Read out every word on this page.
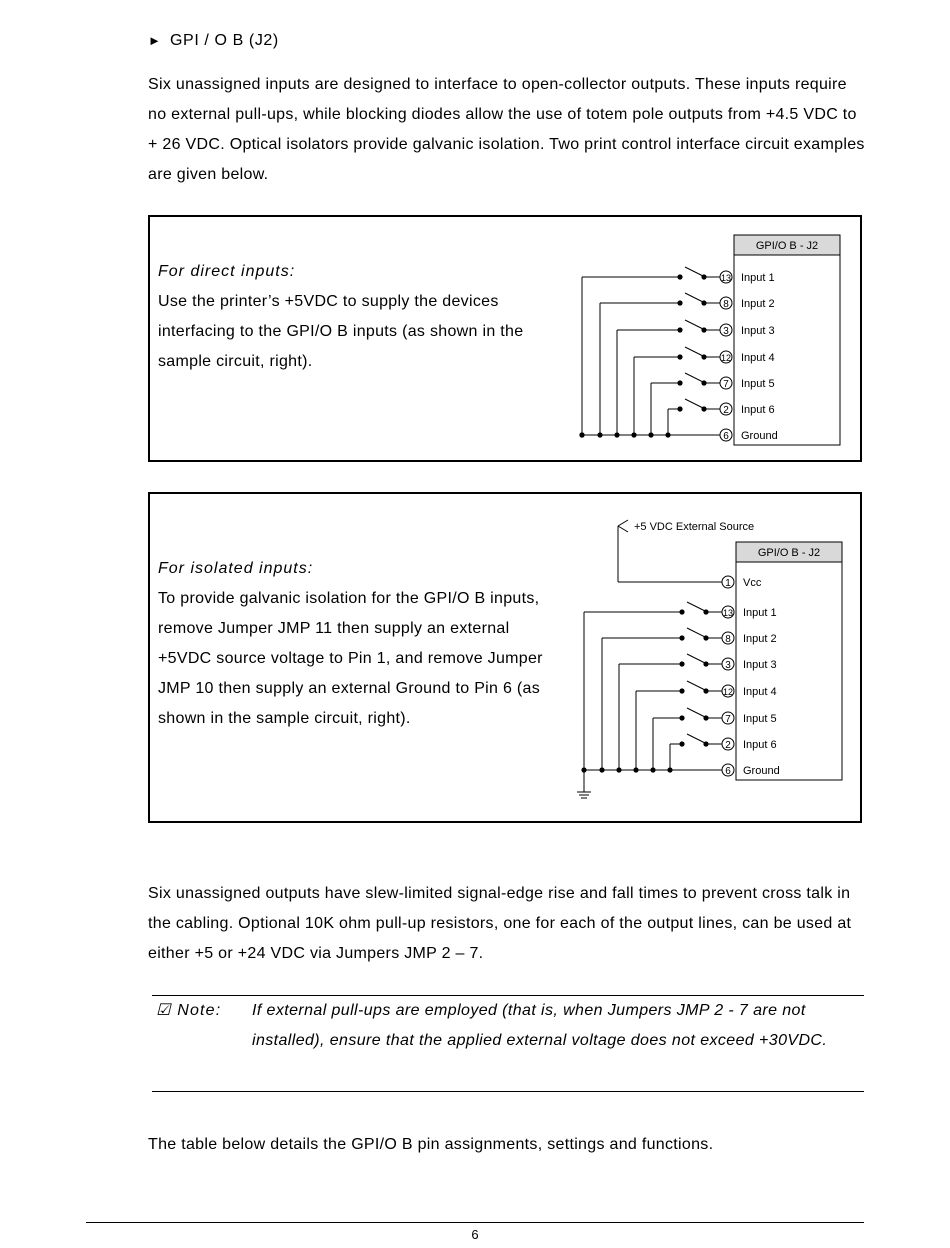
► GPI / O B (J2)
Six unassigned inputs are designed to interface to open-collector outputs. These inputs require no external pull-ups, while blocking diodes allow the use of totem pole outputs from +4.5 VDC to + 26 VDC. Optical isolators provide galvanic isolation. Two print control interface circuit examples are given below.
For direct inputs:
Use the printer’s +5VDC to supply the devices interfacing to the GPI/O B inputs (as shown in the sample circuit, right).
GPI/O B - J2
13 Input 1
8 Input 2
3 Input 3
12 Input 4
7 Input 5
2 Input 6
6 Ground
For isolated inputs:
To provide galvanic isolation for the GPI/O B inputs, remove Jumper JMP 11 then supply an external +5VDC source voltage to Pin 1, and remove Jumper JMP 10 then supply an external Ground to Pin 6 (as shown in the sample circuit, right).
+5 VDC External Source
GPI/O B - J2
1 Vcc
13 Input 1
8 Input 2
3 Input 3
12 Input 4
7 Input 5
2 Input 6
6 Ground
Six unassigned outputs have slew-limited signal-edge rise and fall times to prevent cross talk in the cabling. Optional 10K ohm pull-up resistors, one for each of the output lines, can be used at either +5 or +24 VDC via Jumpers JMP 2 – 7.
☑ Note: If external pull-ups are employed (that is, when Jumpers JMP 2 - 7 are not installed), ensure that the applied external voltage does not exceed +30VDC.
The table below details the GPI/O B pin assignments, settings and functions.
6
